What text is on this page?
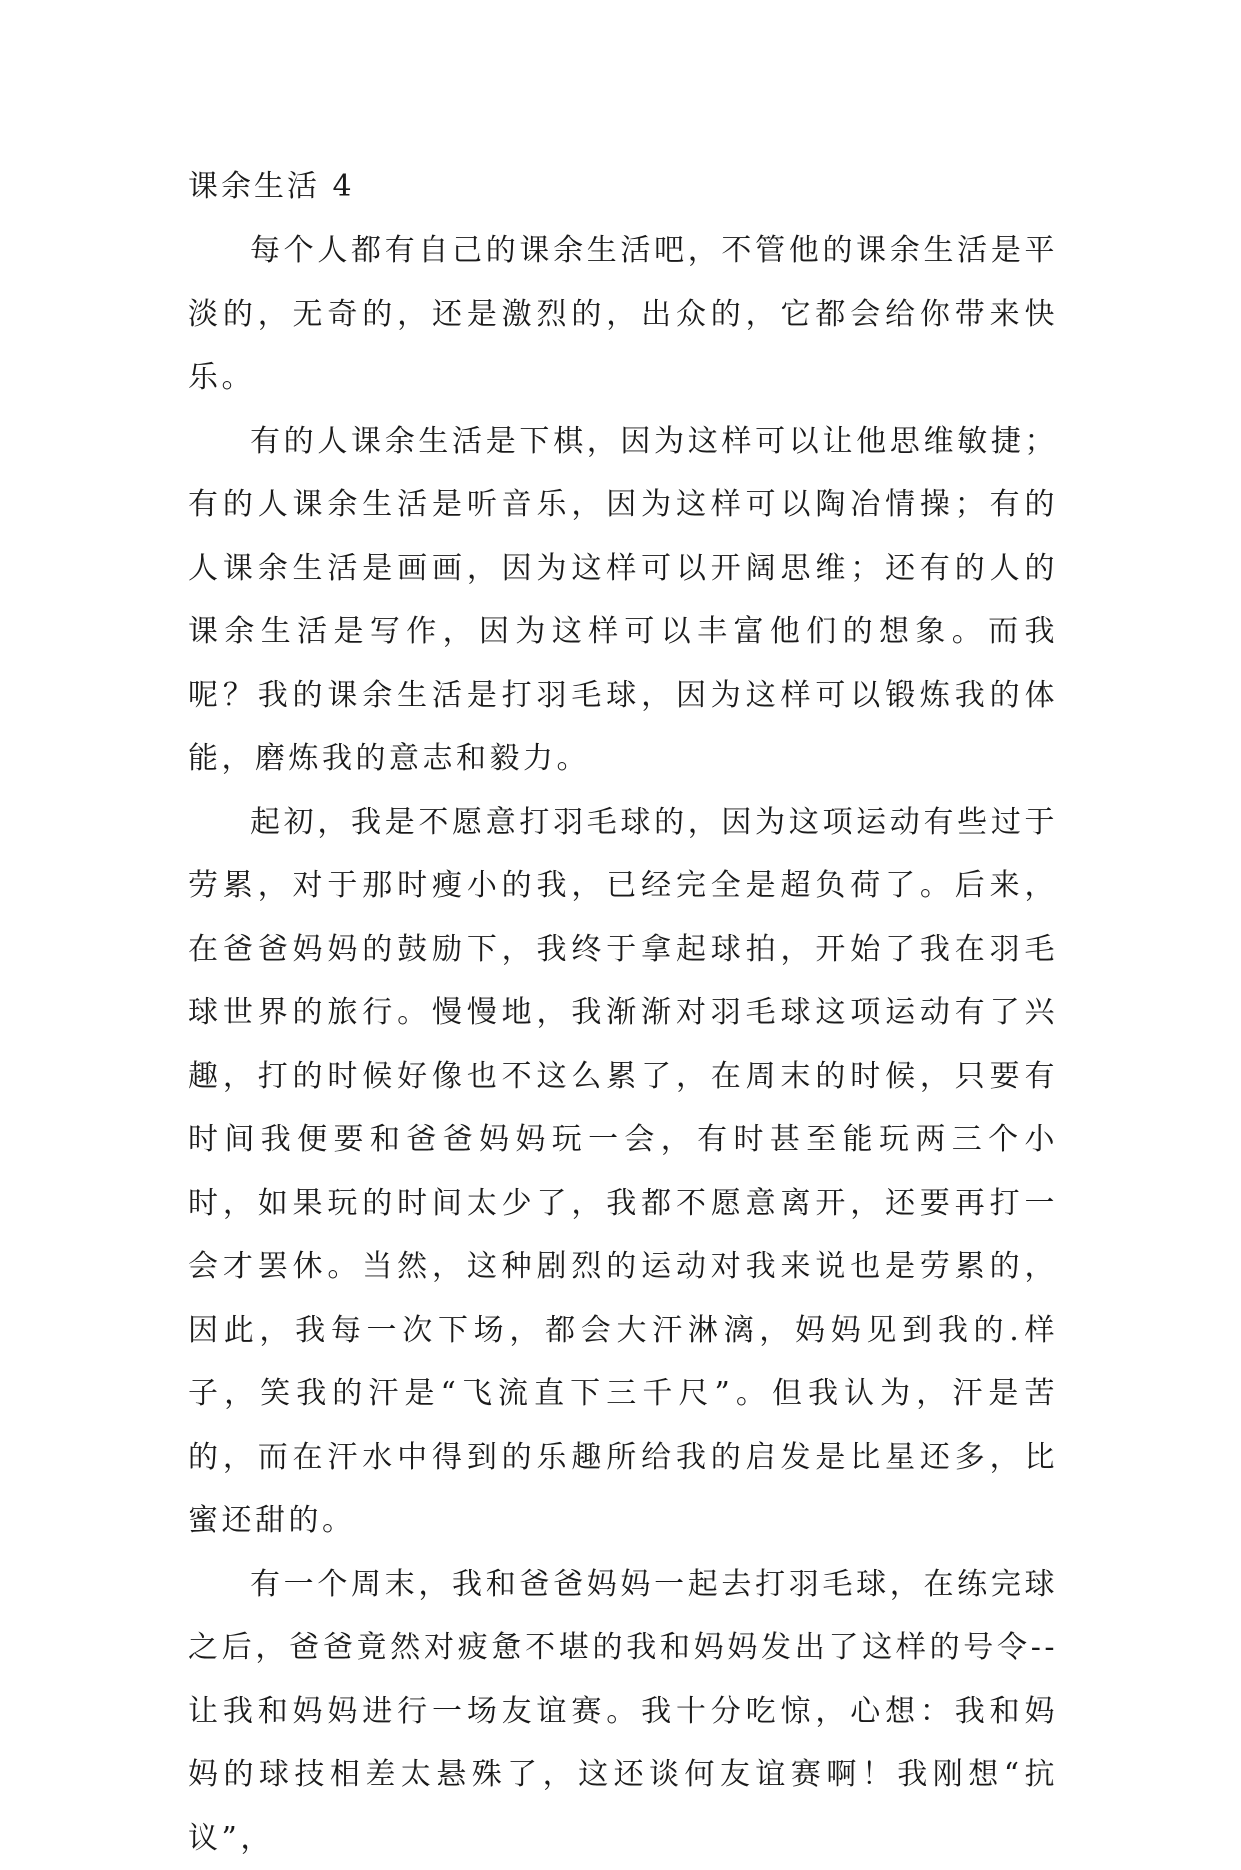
课余生活 4

每个人都有自己的课余生活吧，不管他的课余生活是平淡的，无奇的，还是激烈的，出众的，它都会给你带来快乐。

有的人课余生活是下棋，因为这样可以让他思维敏捷；有的人课余生活是听音乐，因为这样可以陶冶情操；有的人课余生活是画画，因为这样可以开阔思维；还有的人的课余生活是写作，因为这样可以丰富他们的想象。而我呢？我的课余生活是打羽毛球，因为这样可以锻炼我的体能，磨炼我的意志和毅力。

起初，我是不愿意打羽毛球的，因为这项运动有些过于劳累，对于那时瘦小的我，已经完全是超负荷了。后来，在爸爸妈妈的鼓励下，我终于拿起球拍，开始了我在羽毛球世界的旅行。慢慢地，我渐渐对羽毛球这项运动有了兴趣，打的时候好像也不这么累了，在周末的时候，只要有时间我便要和爸爸妈妈玩一会，有时甚至能玩两三个小时，如果玩的时间太少了，我都不愿意离开，还要再打一会才罢休。当然，这种剧烈的运动对我来说也是劳累的，因此，我每一次下场，都会大汗淋漓，妈妈见到我的.样子，笑我的汗是“飞流直下三千尺”。但我认为，汗是苦的，而在汗水中得到的乐趣所给我的启发是比星还多，比蜜还甜的。

有一个周末，我和爸爸妈妈一起去打羽毛球，在练完球之后，爸爸竟然对疲惫不堪的我和妈妈发出了这样的号令--让我和妈妈进行一场友谊赛。我十分吃惊，心想：我和妈妈的球技相差太悬殊了，这还谈何友谊赛啊！我刚想“抗议”，
